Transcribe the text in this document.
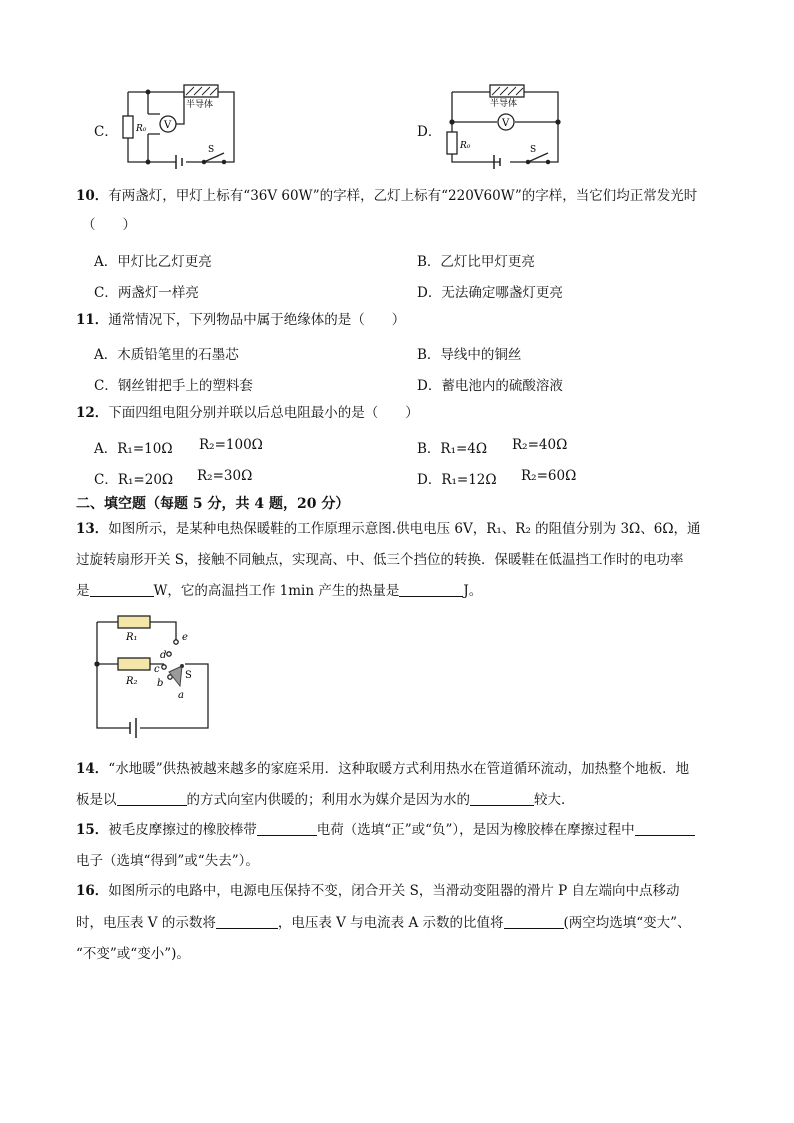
C．
半导体
R₀ V
S
D．
半导体
R₀
V
S
10．有两盏灯，甲灯上标有“36V 60W”的字样，乙灯上标有“220V60W”的字样，当它们均正常发光时
（　　）
A．甲灯比乙灯更亮	B．乙灯比甲灯更亮
C．两盏灯一样亮	D．无法确定哪盏灯更亮
11．通常情况下，下列物品中属于绝缘体的是（　　）
A．木质铅笔里的石墨芯	B．导线中的铜丝
C．钢丝钳把手上的塑料套	D．蓄电池内的硫酸溶液
12．下面四组电阻分别并联以后总电阻最小的是（　　）
A．R₁=10Ω R₂=100Ω	B．R₁=4Ω R₂=40Ω
C．R₁=20Ω R₂=30Ω	D．R₁=12Ω R₂=60Ω
二、填空题（每题 5 分，共 4 题，20 分）
13．如图所示，是某种电热保暖鞋的工作原理示意图.供电电压 6V，R₁、R₂ 的阻值分别为 3Ω、6Ω，通
过旋转扇形开关 S，接触不同触点，实现高、中、低三个挡位的转换．保暖鞋在低温挡工作时的电功率
是	W，它的高温挡工作 1min 产生的热量是	J。
R₁
R₂
e
d
c
b
a
S
14．“水地暖”供热被越来越多的家庭采用．这种取暖方式利用热水在管道循环流动，加热整个地板．地
板是以	的方式向室内供暖的；利用水为媒介是因为水的	较大．
15．被毛皮摩擦过的橡胶棒带	电荷（选填“正”或“负”），是因为橡胶棒在摩擦过程中
电子（选填“得到”或“失去”）。
16．如图所示的电路中，电源电压保持不变，闭合开关 S，当滑动变阻器的滑片 P 自左端向中点移动
时，电压表 V 的示数将	，电压表 V 与电流表 A 示数的比值将	(两空均选填“变大”、
“不变”或“变小”)。
